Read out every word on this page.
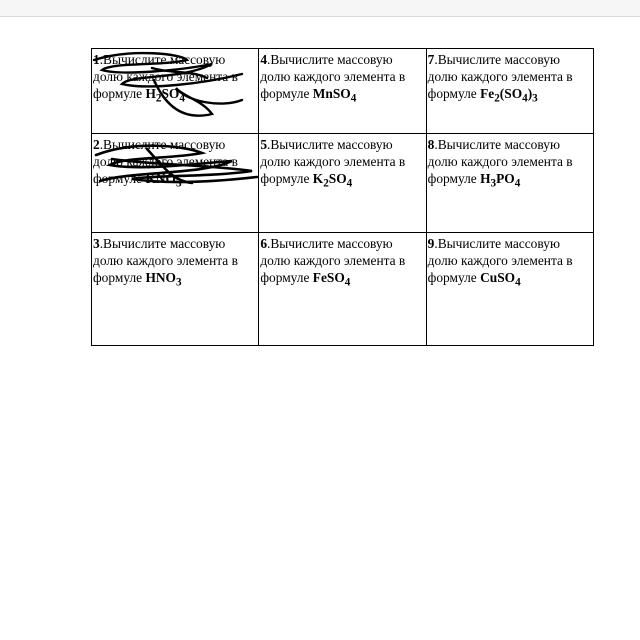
1.Вычислите массовую долю каждого элемента в формуле $H_2SO_4$	4.Вычислите массовую долю каждого элемента в формуле MnSO$_4$	7.Вычислите массовую долю каждого элемента в формуле $Fe_2(SO_4)_3$
2.Вычислите массовую долю каждого элемента в формуле $KNO_3$	5.Вычислите массовую долю каждого элемента в формуле $K_2SO_4$	8.Вычислите массовую долю каждого элемента в формуле $H_3PO_4$
3.Вычислите массовую долю каждого элемента в формуле $HNO_3$	6.Вычислите массовую долю каждого элемента в формуле FeSO$_4$	9.Вычислите массовую долю каждого элемента в формуле CuSO$_4$
